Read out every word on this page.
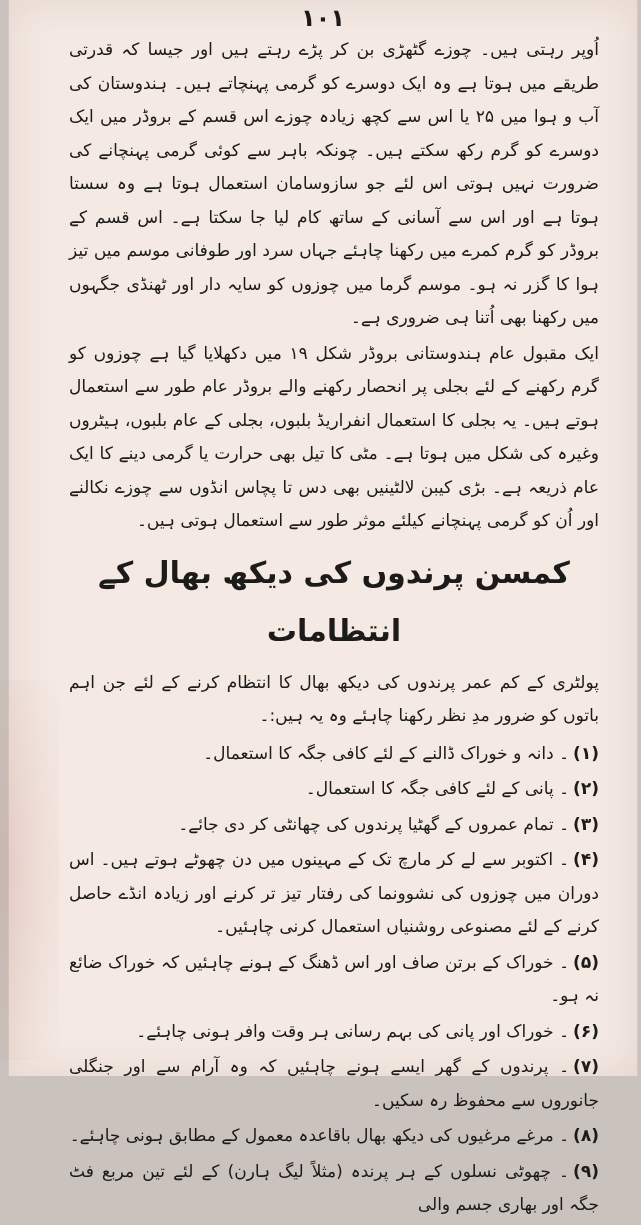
۱۰۱

اُوپر رہتی ہیں۔ چوزے گٹھڑی بن کر پڑے رہتے ہیں اور جیسا کہ قدرتی طریقے میں ہوتا ہے وہ ایک دوسرے کو گرمی پہنچاتے ہیں۔ ہندوستان کی آب و ہوا میں ۲۵ یا اس سے کچھ زیادہ چوزے اس قسم کے بروڈر میں ایک دوسرے کو گرم رکھ سکتے ہیں۔ چونکہ باہر سے کوئی گرمی پہنچانے کی ضرورت نہیں ہوتی اس لئے جو سازوسامان استعمال ہوتا ہے وہ سستا ہوتا ہے اور اس سے آسانی کے ساتھ کام لیا جا سکتا ہے۔ اس قسم کے بروڈر کو گرم کمرے میں رکھنا چاہئے جہاں سرد اور طوفانی موسم میں تیز ہوا کا گزر نہ ہو۔ موسم گرما میں چوزوں کو سایہ دار اور ٹھنڈی جگہوں میں رکھنا بھی اُتنا ہی ضروری ہے۔

ایک مقبول عام ہندوستانی بروڈر شکل ۱۹ میں دکھلایا گیا ہے چوزوں کو گرم رکھنے کے لئے بجلی پر انحصار رکھنے والے بروڈر عام طور سے استعمال ہوتے ہیں۔ یہ بجلی کا استعمال انفراریڈ بلبوں، بجلی کے عام بلبوں، ہیٹروں وغیرہ کی شکل میں ہوتا ہے۔ مٹی کا تیل بھی حرارت یا گرمی دینے کا ایک عام ذریعہ ہے۔ بڑی کیبن لالٹینیں بھی دس تا پچاس انڈوں سے چوزے نکالنے اور اُن کو گرمی پہنچانے کیلئے موثر طور سے استعمال ہوتی ہیں۔

کمسن پرندوں کی دیکھ بھال کے انتظامات

پولٹری کے کم عمر پرندوں کی دیکھ بھال کا انتظام کرنے کے لئے جن اہم باتوں کو ضرور مدِ نظر رکھنا چاہئے وہ یہ ہیں:۔

(۱)۔ دانہ و خوراک ڈالنے کے لئے کافی جگہ کا استعمال۔
(۲)۔ پانی کے لئے کافی جگہ کا استعمال۔
(۳)۔ تمام عمروں کے گھٹیا پرندوں کی چھانٹی کر دی جائے۔
(۴)۔ اکتوبر سے لے کر مارچ تک کے مہینوں میں دن چھوٹے ہوتے ہیں۔ اس دوران میں چوزوں کی نشوونما کی رفتار تیز تر کرنے اور زیادہ انڈے حاصل کرنے کے لئے مصنوعی روشنیاں استعمال کرنی چاہئیں۔
(۵)۔ خوراک کے برتن صاف اور اس ڈھنگ کے ہونے چاہئیں کہ خوراک ضائع نہ ہو۔
(۶)۔ خوراک اور پانی کی بہم رسانی ہر وقت وافر ہونی چاہئے۔
(۷)۔ پرندوں کے گھر ایسے ہونے چاہئیں کہ وہ آرام سے اور جنگلی جانوروں سے محفوظ رہ سکیں۔
(۸)۔ مرغے مرغیوں کی دیکھ بھال باقاعدہ معمول کے مطابق ہونی چاہئے۔
(۹)۔ چھوٹی نسلوں کے ہر پرندہ (مثلاً لیگ ہارن) کے لئے تین مربع فٹ جگہ اور بھاری جسم والی
